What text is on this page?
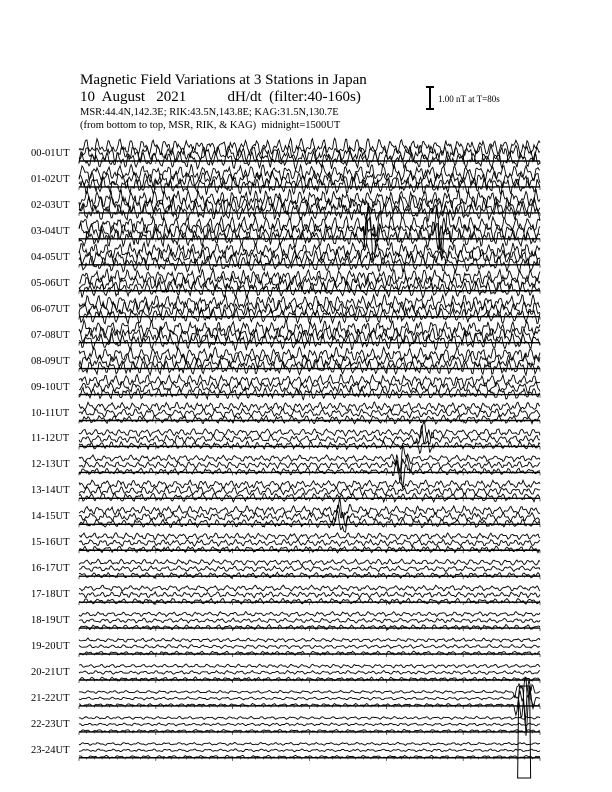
Magnetic Field Variations at 3 Stations in Japan
10  August   2021           dH/dt  (filter:40-160s)
MSR:44.4N,142.3E; RIK:43.5N,143.8E; KAG:31.5N,130.7E
(from bottom to top, MSR, RIK, & KAG)  midnight=1500UT
1.00 nT at T=80s
00-01UT
01-02UT
02-03UT
03-04UT
04-05UT
05-06UT
06-07UT
07-08UT
08-09UT
09-10UT
10-11UT
11-12UT
12-13UT
13-14UT
14-15UT
15-16UT
16-17UT
17-18UT
18-19UT
19-20UT
20-21UT
21-22UT
22-23UT
23-24UT
